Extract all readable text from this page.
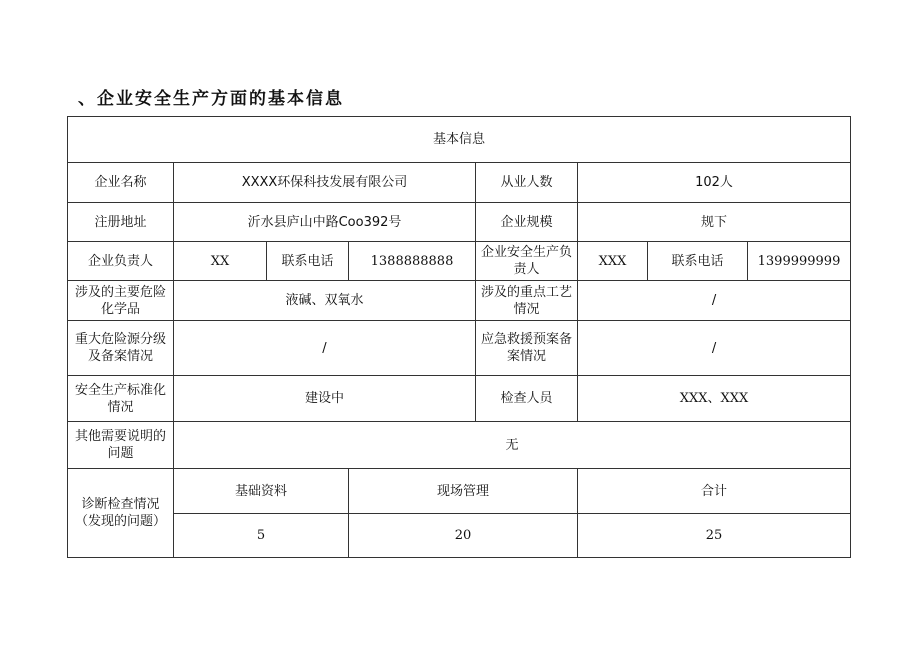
、企业安全生产方面的基本信息
基本信息							
企业名称	XXXX环保科技发展有限公司			从业人数	102人		
注册地址	沂水县庐山中路Coo392号			企业规模	规下		
企业负责人	XX	联系电话	1388888888	企业安全生产负责人	XXX	联系电话	1399999999
涉及的主要危险化学品	液碱、双氧水			涉及的重点工艺情况	/		
重大危险源分级及备案情况	/			应急救援预案备案情况	/		
安全生产标准化情况	建设中			检查人员	XXX、XXX		
其他需要说明的问题	无						
诊断检查情况（发现的问题）	基础资料		现场管理		合计		
	5		20		25		
